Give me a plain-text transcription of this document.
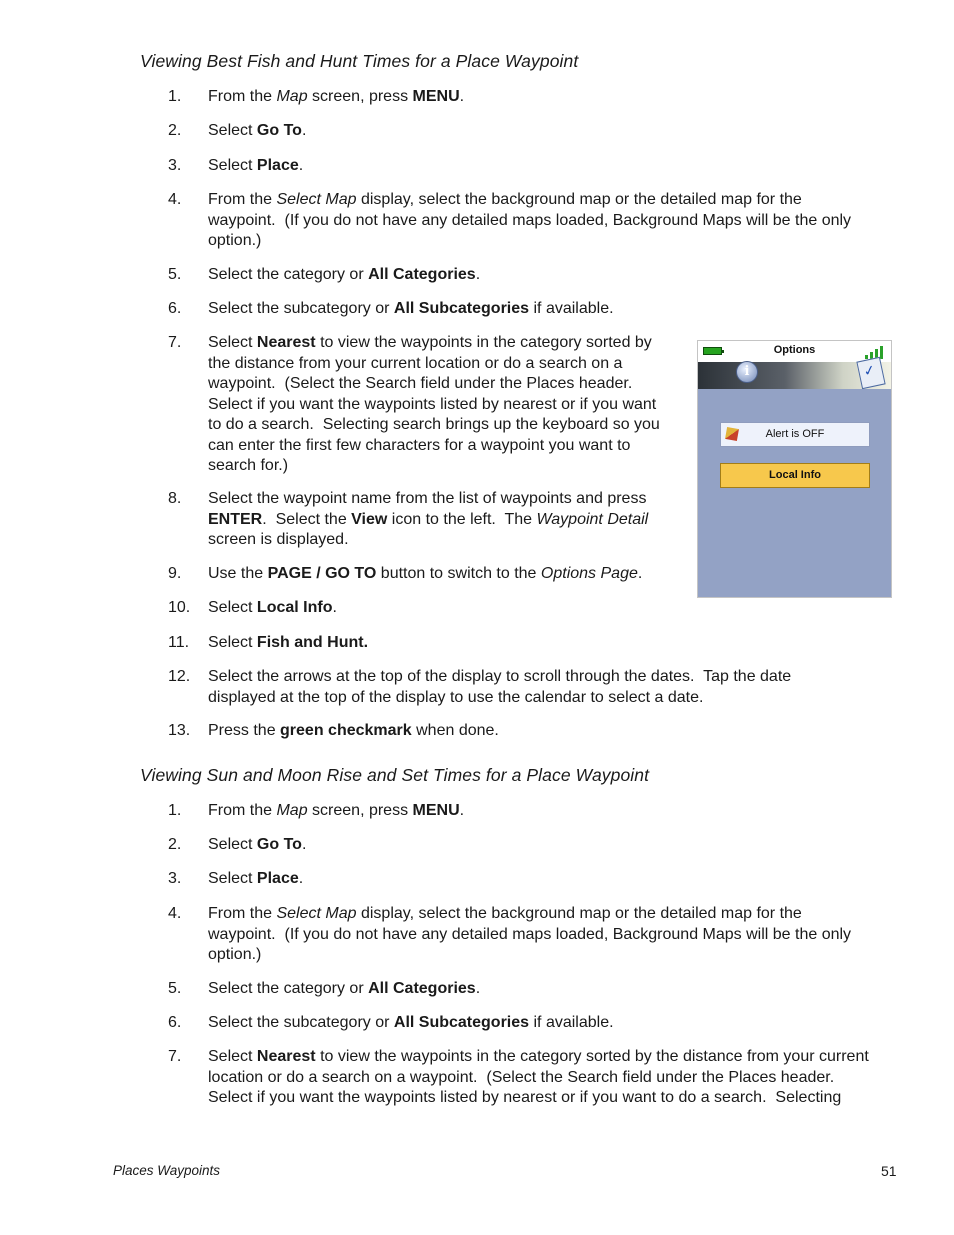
Viewing Best Fish and Hunt Times for a Place Waypoint
1. From the Map screen, press MENU.
2. Select Go To.
3. Select Place.
4. From the Select Map display, select the background map or the detailed map for the
waypoint.  (If you do not have any detailed maps loaded, Background Maps will be the only
option.)
5. Select the category or All Categories.
6. Select the subcategory or All Subcategories if available.
7. Select Nearest to view the waypoints in the category sorted by
the distance from your current location or do a search on a
waypoint.  (Select the Search field under the Places header.
Select if you want the waypoints listed by nearest or if you want
to do a search.  Selecting search brings up the keyboard so you
can enter the first few characters for a waypoint you want to
search for.)
8. Select the waypoint name from the list of waypoints and press
ENTER.  Select the View icon to the left.  The Waypoint Detail
screen is displayed.
9. Use the PAGE / GO TO button to switch to the Options Page.
10. Select Local Info.
11. Select Fish and Hunt.
12. Select the arrows at the top of the display to scroll through the dates.  Tap the date
displayed at the top of the display to use the calendar to select a date.
13. Press the green checkmark when done.
Viewing Sun and Moon Rise and Set Times for a Place Waypoint
1. From the Map screen, press MENU.
2. Select Go To.
3. Select Place.
4. From the Select Map display, select the background map or the detailed map for the
waypoint.  (If you do not have any detailed maps loaded, Background Maps will be the only
option.)
5. Select the category or All Categories.
6. Select the subcategory or All Subcategories if available.
7. Select Nearest to view the waypoints in the category sorted by the distance from your current
location or do a search on a waypoint.  (Select the Search field under the Places header.
Select if you want the waypoints listed by nearest or if you want to do a search.  Selecting
Options
i
✓
Alert is OFF
Local Info
Places Waypoints	51
